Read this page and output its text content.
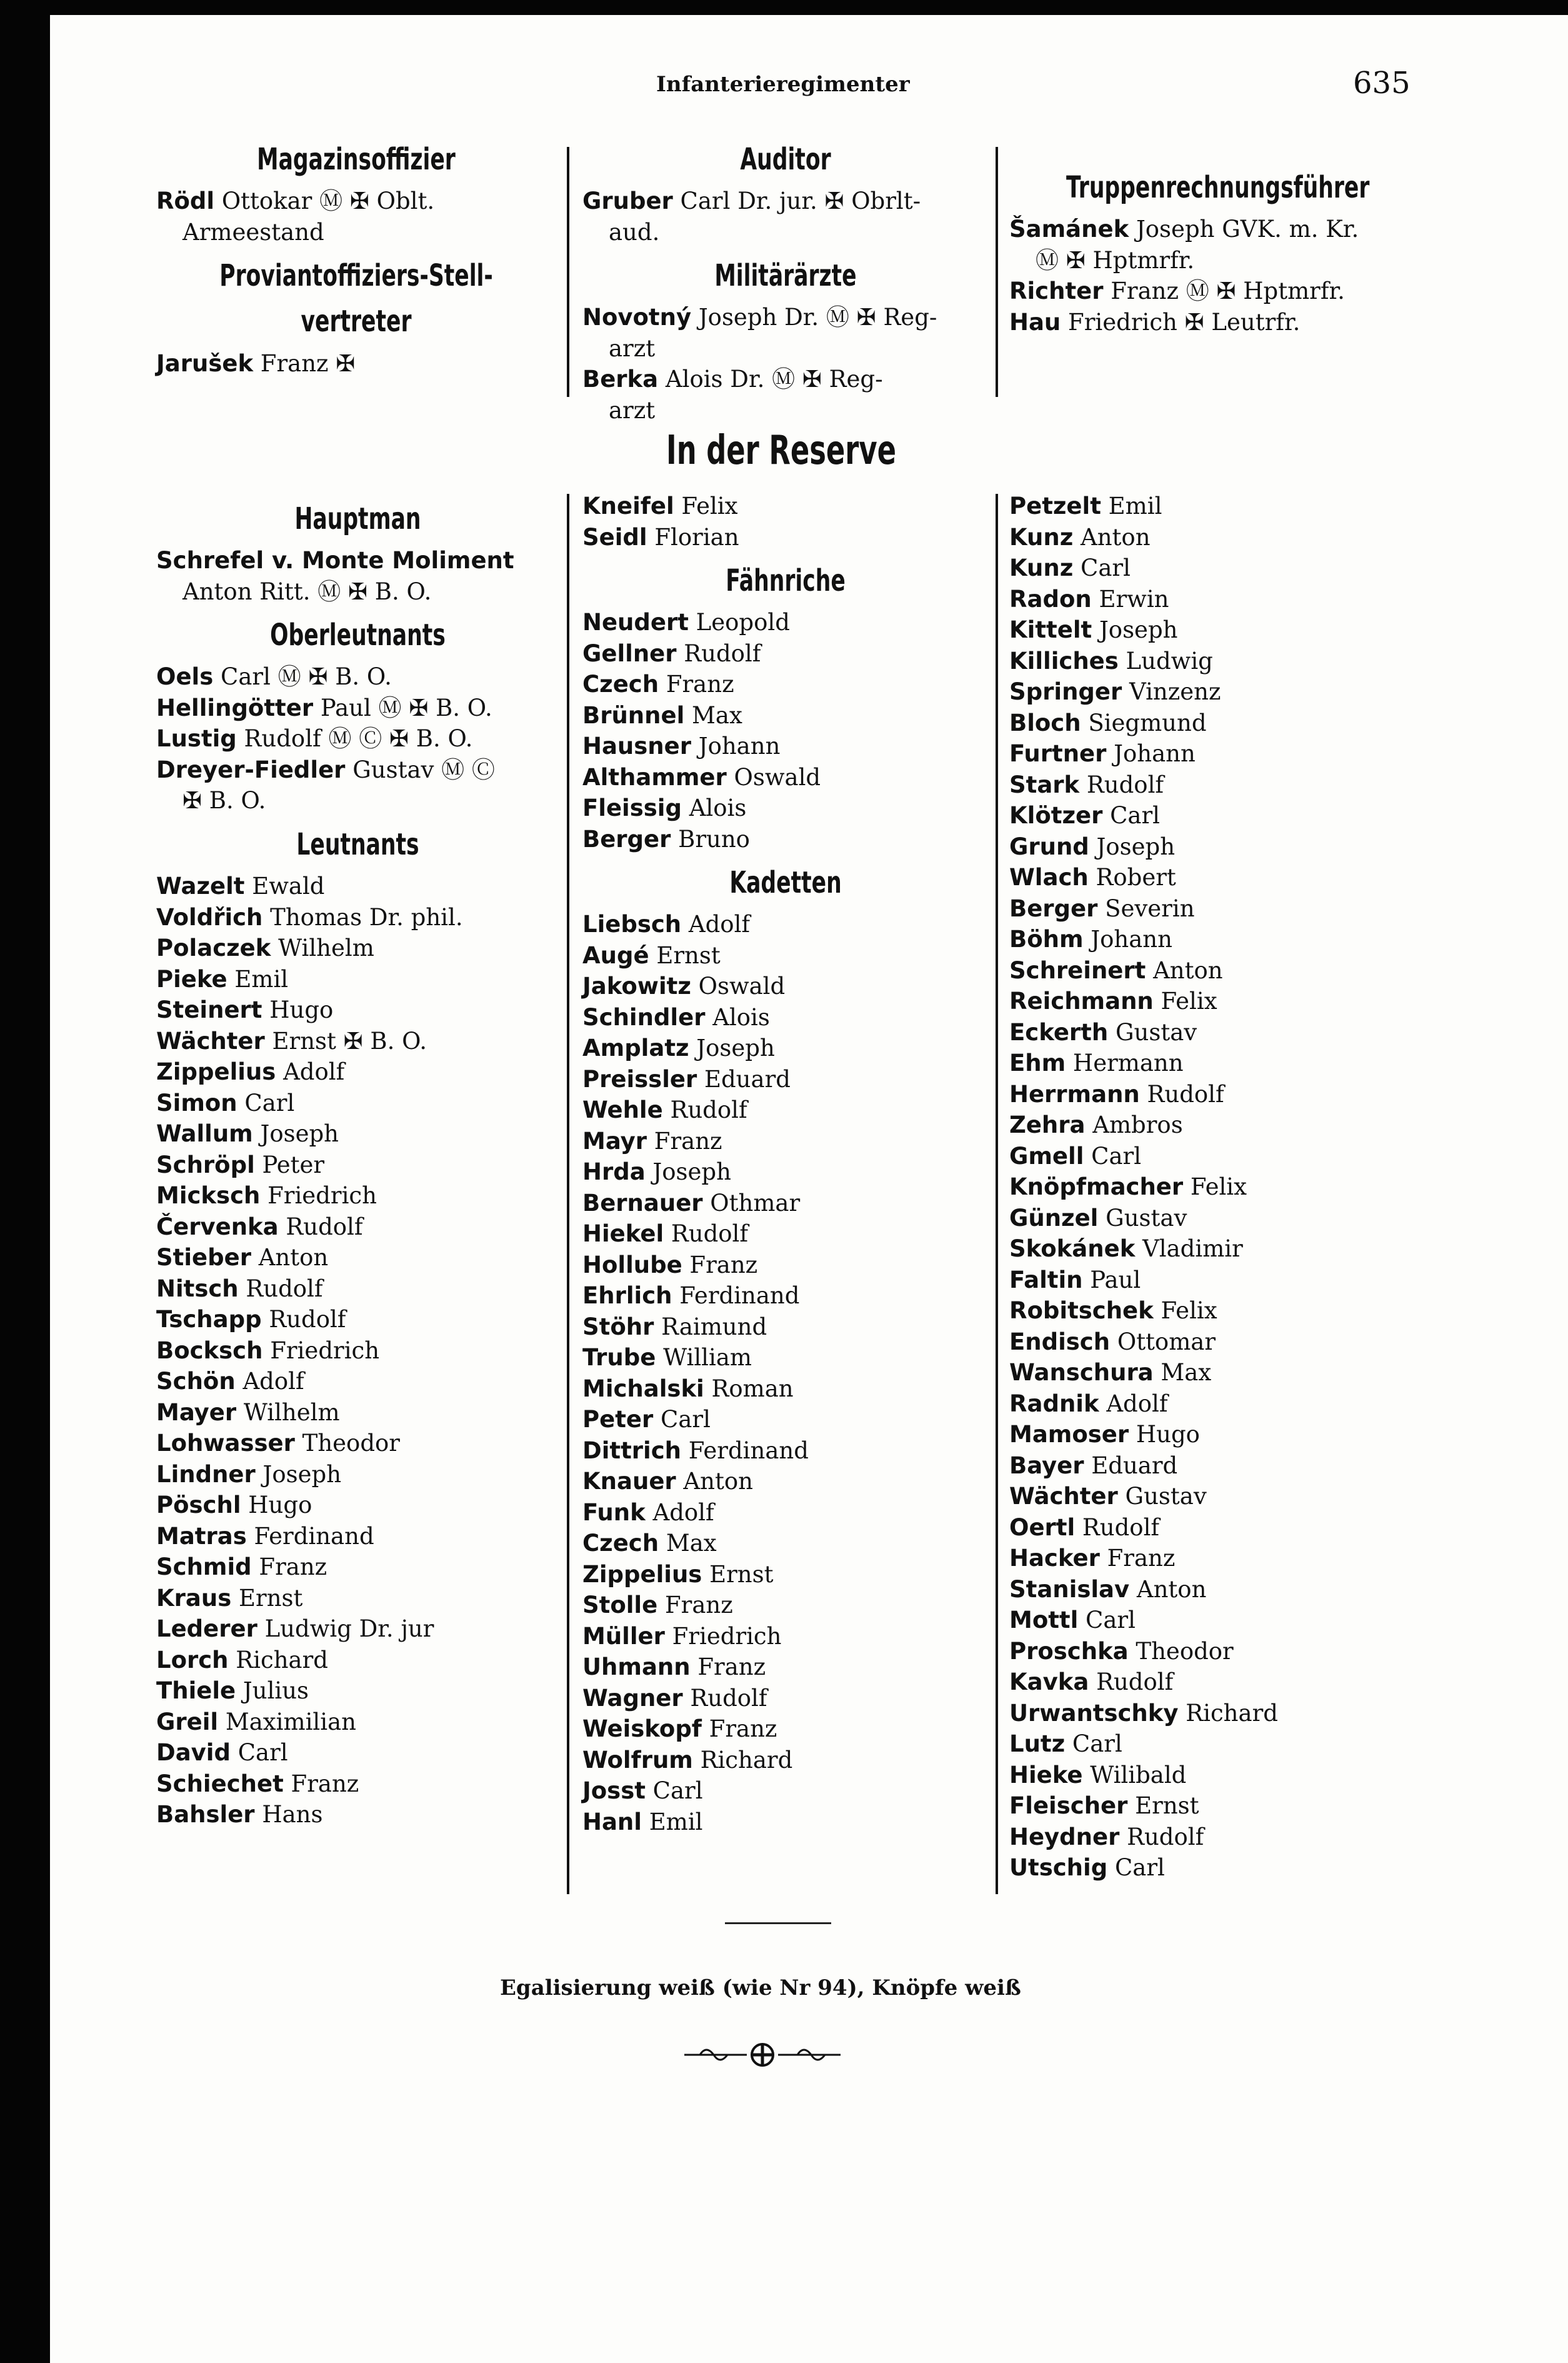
Infanterieregimenter	635
Magazinsoffizier
Rödl Ottokar Ⓜ ✠ Oblt.
Armeestand
Proviantoffiziers-Stell-
vertreter
Jarušek Franz ✠
Auditor
Gruber Carl Dr. jur. ✠ Obrlt-
aud.
Militärärzte
Novotný Joseph Dr. Ⓜ ✠ Reg-
arzt
Berka Alois Dr. Ⓜ ✠ Reg-
arzt
Truppenrechnungsführer
Šamánek Joseph GVK. m. Kr.
Ⓜ ✠ Hptmrfr.
Richter Franz Ⓜ ✠ Hptmrfr.
Hau Friedrich ✠ Leutrfr.
In der Reserve
Hauptman
Schrefel v. Monte Moliment
Anton Ritt. Ⓜ ✠ B. O.
Oberleutnants
Oels Carl Ⓜ ✠ B. O.
Hellingötter Paul Ⓜ ✠ B. O.
Lustig Rudolf Ⓜ Ⓒ ✠ B. O.
Dreyer-Fiedler Gustav Ⓜ Ⓒ
✠ B. O.
Leutnants
Wazelt Ewald
Voldřich Thomas Dr. phil.
Polaczek Wilhelm
Pieke Emil
Steinert Hugo
Wächter Ernst ✠ B. O.
Zippelius Adolf
Simon Carl
Wallum Joseph
Schröpl Peter
Micksch Friedrich
Červenka Rudolf
Stieber Anton
Nitsch Rudolf
Tschapp Rudolf
Bocksch Friedrich
Schön Adolf
Mayer Wilhelm
Lohwasser Theodor
Lindner Joseph
Pöschl Hugo
Matras Ferdinand
Schmid Franz
Kraus Ernst
Lederer Ludwig Dr. jur
Lorch Richard
Thiele Julius
Greil Maximilian
David Carl
Schiechet Franz
Bahsler Hans
Kneifel Felix
Seidl Florian
Fähnriche
Neudert Leopold
Gellner Rudolf
Czech Franz
Brünnel Max
Hausner Johann
Althammer Oswald
Fleissig Alois
Berger Bruno
Kadetten
Liebsch Adolf
Augé Ernst
Jakowitz Oswald
Schindler Alois
Amplatz Joseph
Preissler Eduard
Wehle Rudolf
Mayr Franz
Hrda Joseph
Bernauer Othmar
Hiekel Rudolf
Hollube Franz
Ehrlich Ferdinand
Stöhr Raimund
Trube William
Michalski Roman
Peter Carl
Dittrich Ferdinand
Knauer Anton
Funk Adolf
Czech Max
Zippelius Ernst
Stolle Franz
Müller Friedrich
Uhmann Franz
Wagner Rudolf
Weiskopf Franz
Wolfrum Richard
Josst Carl
Hanl Emil
Petzelt Emil
Kunz Anton
Kunz Carl
Radon Erwin
Kittelt Joseph
Killiches Ludwig
Springer Vinzenz
Bloch Siegmund
Furtner Johann
Stark Rudolf
Klötzer Carl
Grund Joseph
Wlach Robert
Berger Severin
Böhm Johann
Schreinert Anton
Reichmann Felix
Eckerth Gustav
Ehm Hermann
Herrmann Rudolf
Zehra Ambros
Gmell Carl
Knöpfmacher Felix
Günzel Gustav
Skokánek Vladimir
Faltin Paul
Robitschek Felix
Endisch Ottomar
Wanschura Max
Radnik Adolf
Mamoser Hugo
Bayer Eduard
Wächter Gustav
Oertl Rudolf
Hacker Franz
Stanislav Anton
Mottl Carl
Proschka Theodor
Kavka Rudolf
Urwantschky Richard
Lutz Carl
Hieke Wilibald
Fleischer Ernst
Heydner Rudolf
Utschig Carl
Egalisierung weiß (wie Nr 94), Knöpfe weiß
